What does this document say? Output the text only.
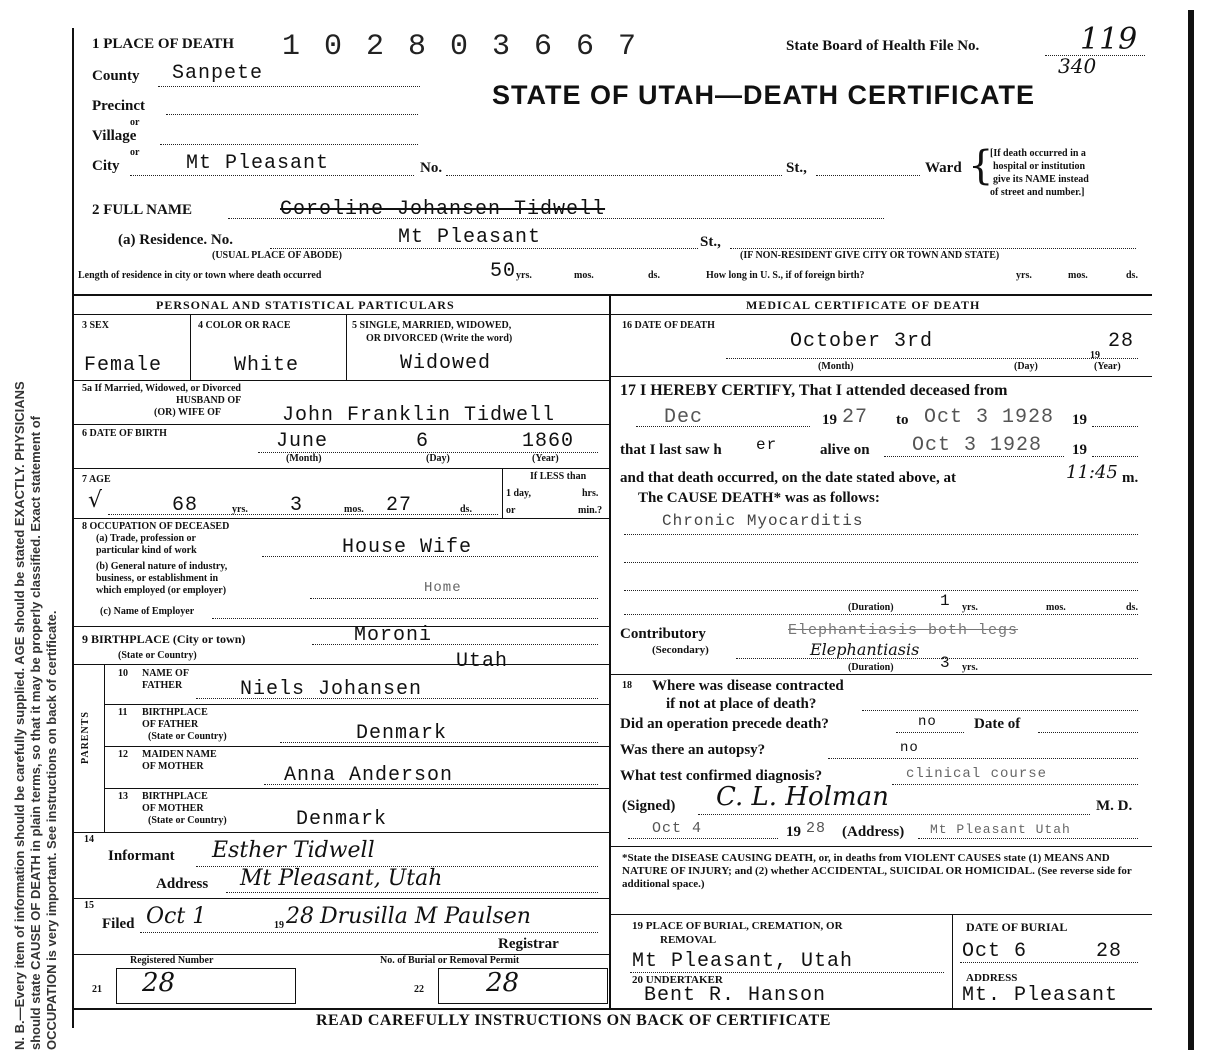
N. B.—Every item of information should be carefully supplied. AGE should be stated EXACTLY. PHYSICIANS should state CAUSE OF DEATH in plain terms, so that it may be properly classified. Exact statement of OCCUPATION is very important. See instructions on back of certificate.
1 PLACE OF DEATH 1 0 2 8 0 3 6 6 7	State Board of Health File No.	119
340
STATE OF UTAH—DEATH CERTIFICATE
County Sanpete
Precinct
or
Village
or
City	Mt Pleasant	No.	St.,	Ward {
[If death occurred in a
hospital or institution
give its NAME instead
of street and number.]
2 FULL NAME	Coroline Johansen Tidwell
(a) Residence. No.	Mt Pleasant	St.,
(USUAL PLACE OF ABODE)	(IF NON-RESIDENT GIVE CITY OR TOWN AND STATE)
Length of residence in city or town where death occurred	50 yrs.	mos.	ds.	How long in U. S., if of foreign birth?	yrs.	mos.	ds.
PERSONAL AND STATISTICAL PARTICULARS
3 SEX
Female
4 COLOR OR RACE
White
5 SINGLE, MARRIED, WIDOWED,
OR DIVORCED (Write the word)
Widowed
5a If Married, Widowed, or Divorced
HUSBAND OF
(OR) WIFE OF	John Franklin Tidwell
6 DATE OF BIRTH	June	6	1860
(Month)	(Day)	(Year)
7 AGE
√	68	yrs. 3	mos. 27	ds.
If LESS than
1 day,	hrs.
or	min.?
8 OCCUPATION OF DECEASED
(a) Trade, profession or
particular kind of work	House Wife
(b) General nature of industry,
business, or establishment in
which employed (or employer)	Home
(c) Name of Employer
9 BIRTHPLACE (City or town)	Moroni
(State or Country)	Utah
PARENTS
10 NAME OF
FATHER	Niels Johansen
11 BIRTHPLACE
OF FATHER
(State or Country)	Denmark
12 MAIDEN NAME
OF MOTHER	Anna Anderson
13 BIRTHPLACE
OF MOTHER
(State or Country)	Denmark
14
Informant Esther Tidwell
Address Mt Pleasant, Utah
15
Filed Oct 1	19 28 Drusilla M Paulsen
Registrar
Registered Number	No. of Burial or Removal Permit
21 28	22 28
MEDICAL CERTIFICATE OF DEATH
16 DATE OF DEATH
October 3rd
19
28
(Month)	(Day)	(Year)
17 I HEREBY CERTIFY, That I attended deceased from
Dec	19 27 to Oct 3 1928 19
that I last saw h er	alive on Oct 3 1928 19
and that death occurred, on the date stated above, at	11:45 m.
The CAUSE DEATH* was as follows:
Chronic Myocarditis
(Duration)	1 yrs.	mos.	ds.
Contributory
(Secondary)
Elephantiasis both legs
Elephantiasis
(Duration)	3 yrs.
18 Where was disease contracted
if not at place of death?
Did an operation precede death?	no Date of
Was there an autopsy?	no
What test confirmed diagnosis?	clinical course
(Signed) C. L. Holman	M. D.
Oct 4	19 28 (Address) Mt Pleasant Utah
*State the DISEASE CAUSING DEATH, or, in deaths from VIOLENT CAUSES state (1) MEANS AND NATURE OF INJURY; and (2) whether ACCIDENTAL, SUICIDAL OR HOMICIDAL. (See reverse side for additional space.)
19 PLACE OF BURIAL, CREMATION, OR
REMOVAL
Mt Pleasant, Utah
DATE OF BURIAL
Oct 6	28
20 UNDERTAKER
Bent R. Hanson
ADDRESS
Mt. Pleasant
READ CAREFULLY INSTRUCTIONS ON BACK OF CERTIFICATE
